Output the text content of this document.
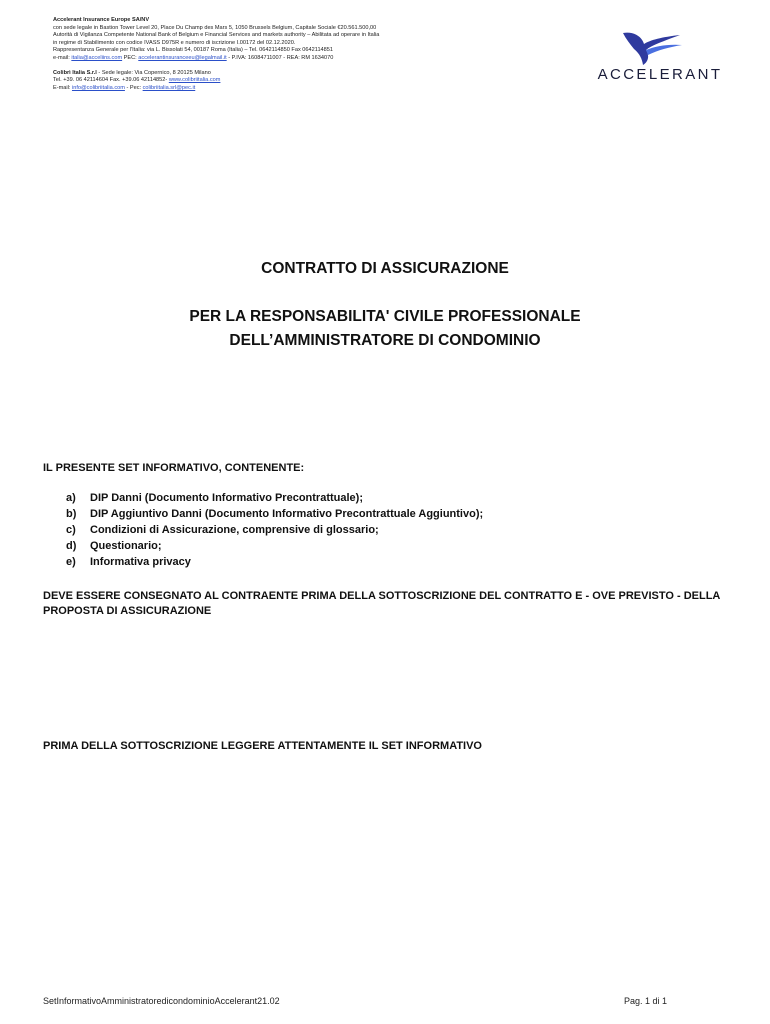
Accelerant Insurance Europe SA/NV
con sede legale in Bastion Tower Level 20, Place Du Champ des Mars 5, 1050 Brussels Belgium, Capitale Sociale €20.561.500,00
Autorità di Vigilanza Competente National Bank of Belgium e Financial Services and markets authority – Abilitata ad operare in Italia
in regime di Stabilimento con codice IVASS D975R e numero di iscrizione I.00172 del 02.12.2020.
Rappresentanza Generale per l'Italia: via L. Bissolati 54, 00187 Roma (Italia) – Tel. 0642114850 Fax 0642114851
e-mail: italia@acceliins.com PEC: accelerantinsuranceeu@legalmail.it - P.IVA: 16084711007 - REA: RM 1634070
Colibrì Italia S.r.l - Sede legale: Via Copernico, 8 20125 Milano
Tel. +39. 06 42114604 Fax. +39.06 42114852- www.colibriitalia.com
E-mail: info@colibriitalia.com - Pec: colibriitalia.srl@pec.it
ACCELERANT
CONTRATTO DI ASSICURAZIONE
PER LA RESPONSABILITA' CIVILE PROFESSIONALE
DELL’AMMINISTRATORE DI CONDOMINIO
IL PRESENTE SET INFORMATIVO, CONTENENTE:
a) DIP Danni (Documento Informativo Precontrattuale);
b) DIP Aggiuntivo Danni (Documento Informativo Precontrattuale Aggiuntivo);
c) Condizioni di Assicurazione, comprensive di glossario;
d) Questionario;
e) Informativa privacy
DEVE ESSERE CONSEGNATO AL CONTRAENTE PRIMA DELLA SOTTOSCRIZIONE DEL CONTRATTO E - OVE PREVISTO - DELLA PROPOSTA DI ASSICURAZIONE
PRIMA DELLA SOTTOSCRIZIONE LEGGERE ATTENTAMENTE IL SET INFORMATIVO
SetInformativoAmministratoredicondominioAccelerant21.02	Pag. 1 di 1
